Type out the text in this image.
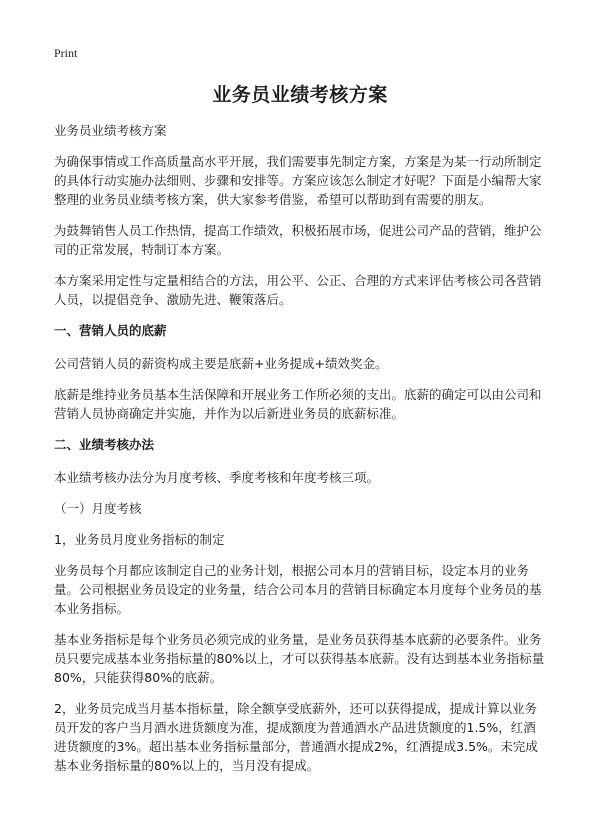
Print
业务员业绩考核方案

业务员业绩考核方案

为确保事情或工作高质量高水平开展，我们需要事先制定方案，方案是为某一行动所制定的具体行动实施办法细则、步骤和安排等。方案应该怎么制定才好呢？下面是小编帮大家整理的业务员业绩考核方案，供大家参考借鉴，希望可以帮助到有需要的朋友。

为鼓舞销售人员工作热情，提高工作绩效，积极拓展市场，促进公司产品的营销，维护公司的正常发展，特制订本方案。

本方案采用定性与定量相结合的方法，用公平、公正、合理的方式来评估考核公司各营销人员，以提倡竞争、激励先进、鞭策落后。

一、营销人员的底薪

公司营销人员的薪资构成主要是底薪+业务提成+绩效奖金。

底薪是维持业务员基本生活保障和开展业务工作所必须的支出。底薪的确定可以由公司和营销人员协商确定并实施，并作为以后新进业务员的底薪标准。

二、业绩考核办法

本业绩考核办法分为月度考核、季度考核和年度考核三项。

（一）月度考核

1，业务员月度业务指标的制定

业务员每个月都应该制定自己的业务计划，根据公司本月的营销目标，设定本月的业务量。公司根据业务员设定的业务量，结合公司本月的营销目标确定本月度每个业务员的基本业务指标。

基本业务指标是每个业务员必须完成的业务量，是业务员获得基本底薪的必要条件。业务员只要完成基本业务指标量的80%以上，才可以获得基本底薪。没有达到基本业务指标量80%，只能获得80%的底薪。

2，业务员完成当月基本指标量，除全额享受底薪外，还可以获得提成，提成计算以业务员开发的客户当月酒水进货额度为准，提成额度为普通酒水产品进货额度的1.5%，红酒进货额度的3%。超出基本业务指标量部分，普通酒水提成2%，红酒提成3.5%。未完成基本业务指标量的80%以上的，当月没有提成。
